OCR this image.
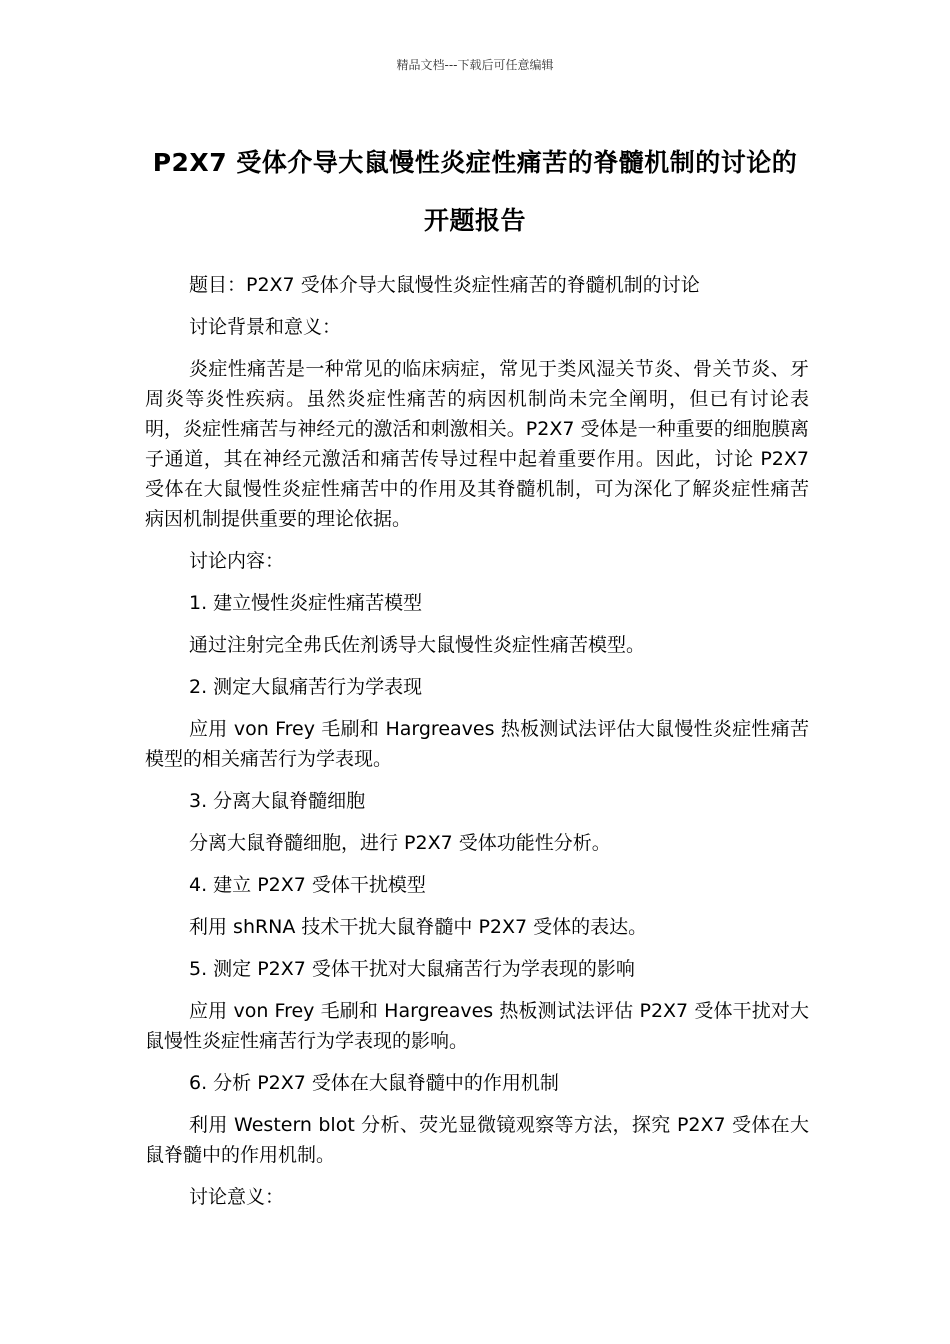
精品文档---下载后可任意编辑
P2X7 受体介导大鼠慢性炎症性痛苦的脊髓机制的讨论的开题报告

题目：P2X7 受体介导大鼠慢性炎症性痛苦的脊髓机制的讨论

讨论背景和意义：

炎症性痛苦是一种常见的临床病症，常见于类风湿关节炎、骨关节炎、牙周炎等炎性疾病。虽然炎症性痛苦的病因机制尚未完全阐明，但已有讨论表明，炎症性痛苦与神经元的激活和刺激相关。P2X7 受体是一种重要的细胞膜离子通道，其在神经元激活和痛苦传导过程中起着重要作用。因此，讨论 P2X7 受体在大鼠慢性炎症性痛苦中的作用及其脊髓机制，可为深化了解炎症性痛苦病因机制提供重要的理论依据。

讨论内容：

1. 建立慢性炎症性痛苦模型

通过注射完全弗氏佐剂诱导大鼠慢性炎症性痛苦模型。

2. 测定大鼠痛苦行为学表现

应用 von Frey 毛刷和 Hargreaves 热板测试法评估大鼠慢性炎症性痛苦模型的相关痛苦行为学表现。

3. 分离大鼠脊髓细胞

分离大鼠脊髓细胞，进行 P2X7 受体功能性分析。

4. 建立 P2X7 受体干扰模型

利用 shRNA 技术干扰大鼠脊髓中 P2X7 受体的表达。

5. 测定 P2X7 受体干扰对大鼠痛苦行为学表现的影响

应用 von Frey 毛刷和 Hargreaves 热板测试法评估 P2X7 受体干扰对大鼠慢性炎症性痛苦行为学表现的影响。

6. 分析 P2X7 受体在大鼠脊髓中的作用机制

利用 Western blot 分析、荧光显微镜观察等方法，探究 P2X7 受体在大鼠脊髓中的作用机制。

讨论意义：
